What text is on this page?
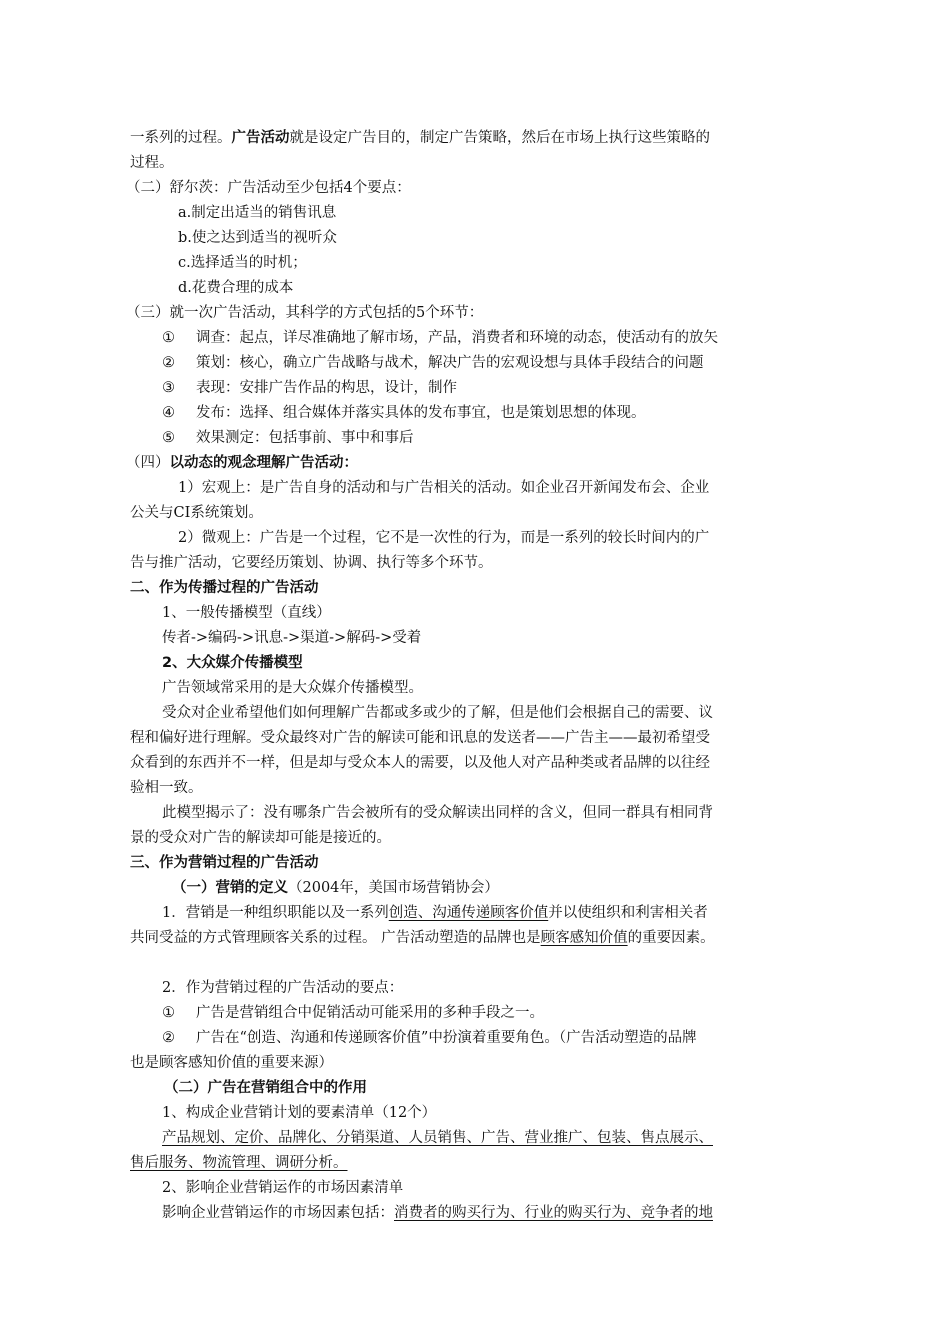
一系列的过程。广告活动就是设定广告目的，制定广告策略，然后在市场上执行这些策略的
过程。
（二）舒尔茨：广告活动至少包括4个要点：
a.制定出适当的销售讯息
b.使之达到适当的视听众
c.选择适当的时机；
d.花费合理的成本
（三）就一次广告活动，其科学的方式包括的5个环节：
① 调查：起点，详尽准确地了解市场，产品，消费者和环境的动态，使活动有的放矢
② 策划：核心，确立广告战略与战术，解决广告的宏观设想与具体手段结合的问题
③ 表现：安排广告作品的构思，设计，制作
④ 发布：选择、组合媒体并落实具体的发布事宜，也是策划思想的体现。
⑤ 效果测定：包括事前、事中和事后
（四）以动态的观念理解广告活动：
1）宏观上：是广告自身的活动和与广告相关的活动。如企业召开新闻发布会、企业
公关与CI系统策划。
2）微观上：广告是一个过程，它不是一次性的行为，而是一系列的较长时间内的广
告与推广活动，它要经历策划、协调、执行等多个环节。
二、作为传播过程的广告活动
1、一般传播模型（直线）
传者->编码->讯息->渠道->解码->受着
2、大众媒介传播模型
广告领域常采用的是大众媒介传播模型。
受众对企业希望他们如何理解广告都或多或少的了解，但是他们会根据自己的需要、议
程和偏好进行理解。受众最终对广告的解读可能和讯息的发送者——广告主——最初希望受
众看到的东西并不一样，但是却与受众本人的需要，以及他人对产品种类或者品牌的以往经
验相一致。
此模型揭示了：没有哪条广告会被所有的受众解读出同样的含义，但同一群具有相同背
景的受众对广告的解读却可能是接近的。
三、作为营销过程的广告活动
（一）营销的定义（2004年，美国市场营销协会）
1．营销是一种组织职能以及一系列创造、沟通传递顾客价值并以使组织和利害相关者
共同受益的方式管理顾客关系的过程。 广告活动塑造的品牌也是顾客感知价值的重要因素。
2．作为营销过程的广告活动的要点：
① 广告是营销组合中促销活动可能采用的多种手段之一。
② 广告在“创造、沟通和传递顾客价值”中扮演着重要角色。（广告活动塑造的品牌
也是顾客感知价值的重要来源）
（二）广告在营销组合中的作用
1、构成企业营销计划的要素清单（12个）
产品规划、定价、品牌化、分销渠道、人员销售、广告、营业推广、包装、售点展示、
售后服务、物流管理、调研分析。
2、影响企业营销运作的市场因素清单
影响企业营销运作的市场因素包括：消费者的购买行为、行业的购买行为、竞争者的地
